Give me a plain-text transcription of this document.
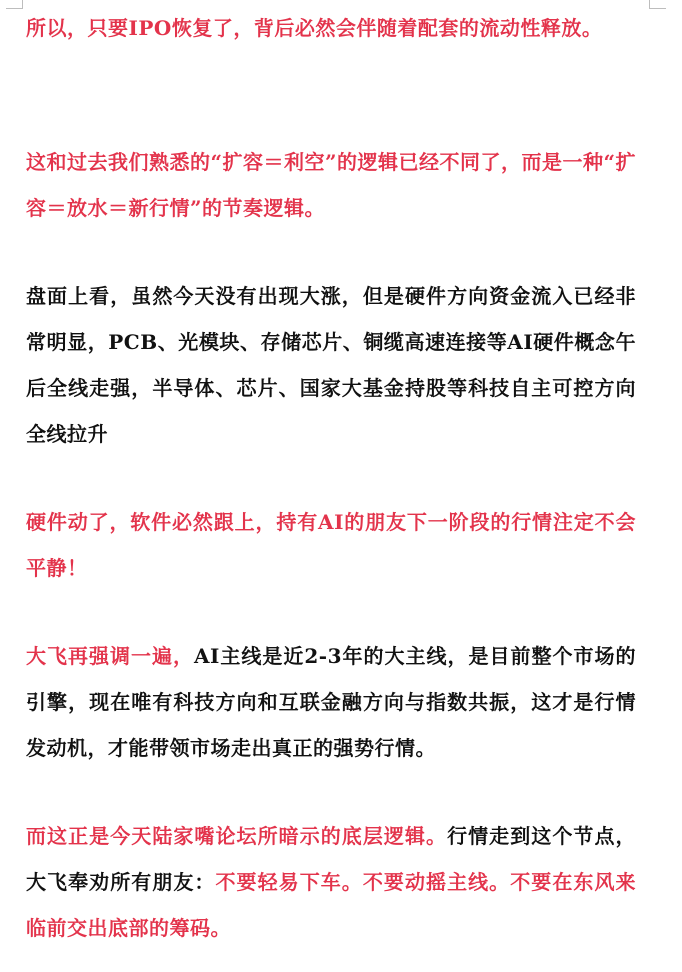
所以，只要IPO恢复了，背后必然会伴随着配套的流动性释放。

这和过去我们熟悉的“扩容＝利空”的逻辑已经不同了，而是一种“扩容＝放水＝新行情”的节奏逻辑。

盘面上看，虽然今天没有出现大涨，但是硬件方向资金流入已经非常明显，PCB、光模块、存储芯片、铜缆高速连接等AI硬件概念午后全线走强，半导体、芯片、国家大基金持股等科技自主可控方向全线拉升

硬件动了，软件必然跟上，持有AI的朋友下一阶段的行情注定不会平静！

大飞再强调一遍，AI主线是近2-3年的大主线，是目前整个市场的引擎，现在唯有科技方向和互联金融方向与指数共振，这才是行情发动机，才能带领市场走出真正的强势行情。

而这正是今天陆家嘴论坛所暗示的底层逻辑。行情走到这个节点，大飞奉劝所有朋友：不要轻易下车。不要动摇主线。不要在东风来临前交出底部的筹码。
